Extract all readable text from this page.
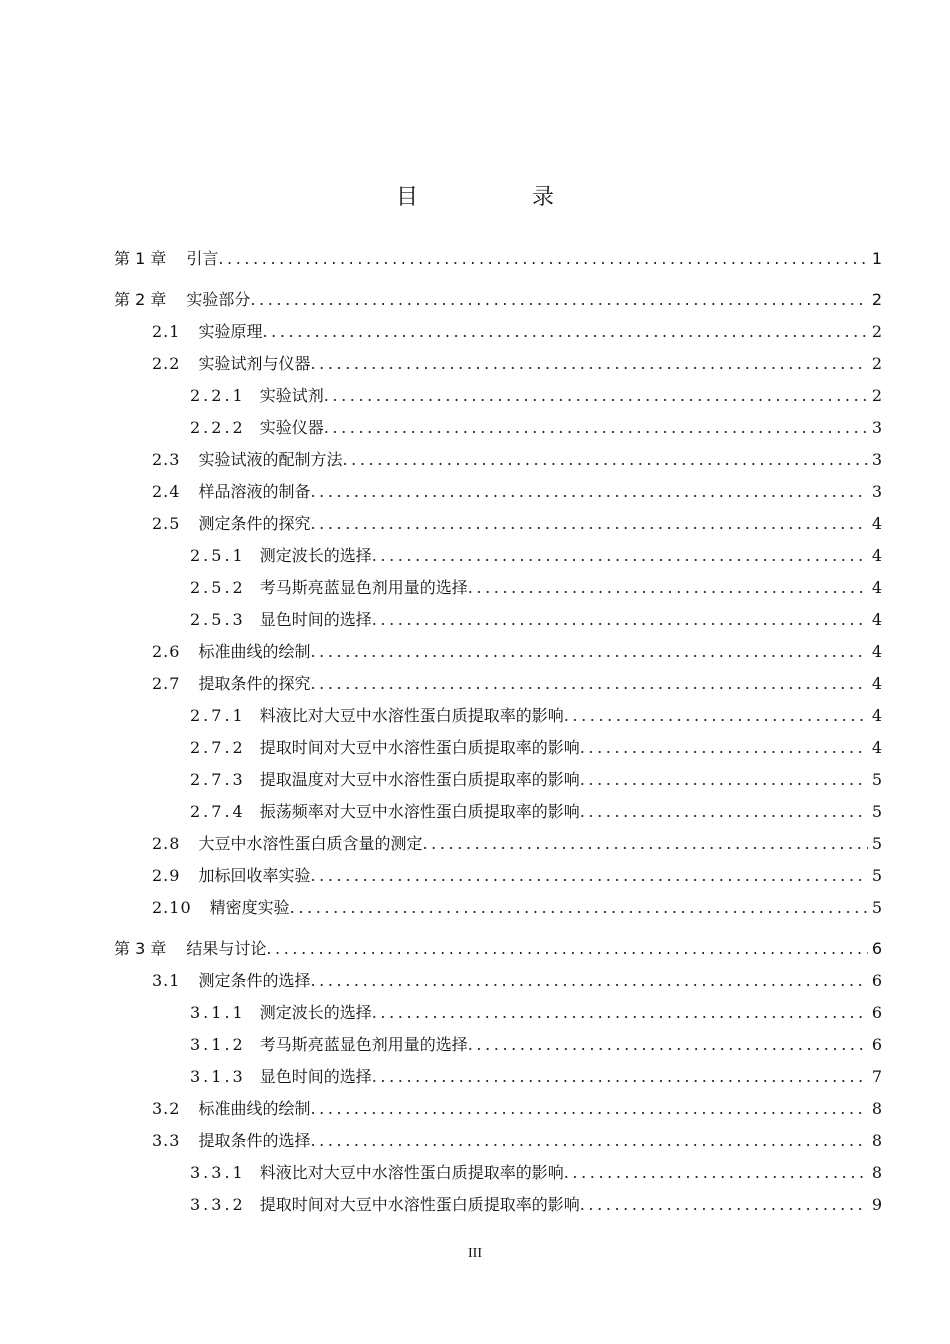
目　录
第 1 章 引言 .....	1
第 2 章 实验部分 .....	2
2.1 实验原理 .....	2
2.2 实验试剂与仪器 .....	2
2.2.1 实验试剂 .....	2
2.2.2 实验仪器 .....	3
2.3 实验试液的配制方法 .....	3
2.4 样品溶液的制备 .....	3
2.5 测定条件的探究 .....	4
2.5.1 测定波长的选择 .....	4
2.5.2 考马斯亮蓝显色剂用量的选择 .....	4
2.5.3 显色时间的选择 .....	4
2.6 标准曲线的绘制 .....	4
2.7 提取条件的探究 .....	4
2.7.1 料液比对大豆中水溶性蛋白质提取率的影响 .....	4
2.7.2 提取时间对大豆中水溶性蛋白质提取率的影响 .....	4
2.7.3 提取温度对大豆中水溶性蛋白质提取率的影响 .....	5
2.7.4 振荡频率对大豆中水溶性蛋白质提取率的影响 .....	5
2.8 大豆中水溶性蛋白质含量的测定 .....	5
2.9 加标回收率实验 .....	5
2.10 精密度实验 .....	5
第 3 章 结果与讨论 .....	6
3.1 测定条件的选择 .....	6
3.1.1 测定波长的选择 .....	6
3.1.2 考马斯亮蓝显色剂用量的选择 .....	6
3.1.3 显色时间的选择 .....	7
3.2 标准曲线的绘制 .....	8
3.3 提取条件的选择 .....	8
3.3.1 料液比对大豆中水溶性蛋白质提取率的影响 .....	8
3.3.2 提取时间对大豆中水溶性蛋白质提取率的影响 .....	9
III
